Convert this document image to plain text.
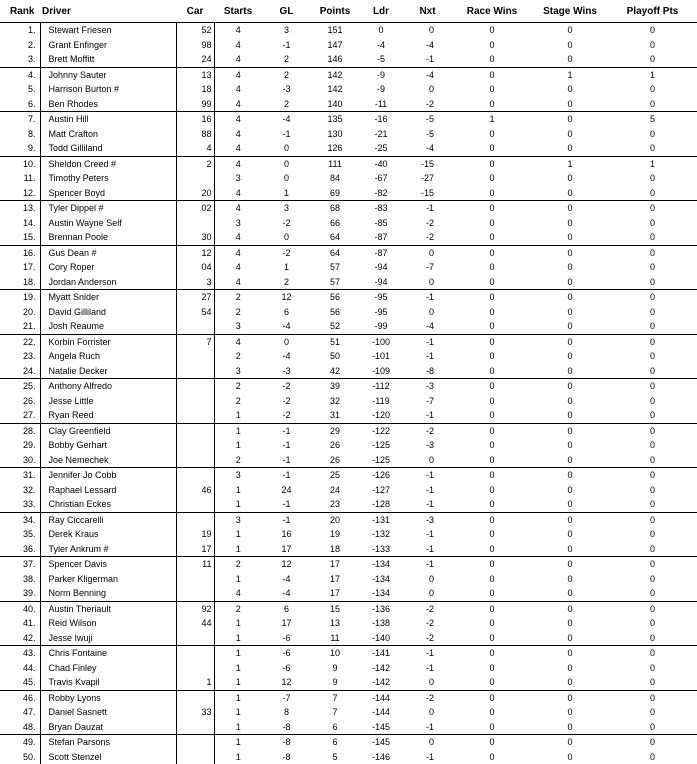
Rank	Driver	Car	Starts	GL	Points	Ldr	Nxt	Race Wins	Stage Wins	Playoff Pts
1.	Stewart Friesen	52	4	3	151	0	0	0	0	0
2.	Grant Enfinger	98	4	-1	147	-4	-4	0	0	0
3.	Brett Moffitt	24	4	2	146	-5	-1	0	0	0
4.	Johnny Sauter	13	4	2	142	-9	-4	0	1	1
5.	Harrison Burton #	18	4	-3	142	-9	0	0	0	0
6.	Ben Rhodes	99	4	2	140	-11	-2	0	0	0
7.	Austin Hill	16	4	-4	135	-16	-5	1	0	5
8.	Matt Crafton	88	4	-1	130	-21	-5	0	0	0
9.	Todd Gilliland	4	4	0	126	-25	-4	0	0	0
10.	Sheldon Creed #	2	4	0	111	-40	-15	0	1	1
11.	Timothy Peters		3	0	84	-67	-27	0	0	0
12.	Spencer Boyd	20	4	1	69	-82	-15	0	0	0
13.	Tyler Dippel #	02	4	3	68	-83	-1	0	0	0
14.	Austin Wayne Self		3	-2	66	-85	-2	0	0	0
15.	Brennan Poole	30	4	0	64	-87	-2	0	0	0
16.	Gus Dean #	12	4	-2	64	-87	0	0	0	0
17.	Cory Roper	04	4	1	57	-94	-7	0	0	0
18.	Jordan Anderson	3	4	2	57	-94	0	0	0	0
19.	Myatt Snider	27	2	12	56	-95	-1	0	0	0
20.	David Gilliland	54	2	6	56	-95	0	0	0	0
21.	Josh Reaume		3	-4	52	-99	-4	0	0	0
22.	Korbin Forrister	7	4	0	51	-100	-1	0	0	0
23.	Angela Ruch		2	-4	50	-101	-1	0	0	0
24.	Natalie Decker		3	-3	42	-109	-8	0	0	0
25.	Anthony Alfredo		2	-2	39	-112	-3	0	0	0
26.	Jesse Little		2	-2	32	-119	-7	0	0	0
27.	Ryan Reed		1	-2	31	-120	-1	0	0	0
28.	Clay Greenfield		1	-1	29	-122	-2	0	0	0
29.	Bobby Gerhart		1	-1	26	-125	-3	0	0	0
30.	Joe Nemechek		2	-1	26	-125	0	0	0	0
31.	Jennifer Jo Cobb		3	-1	25	-126	-1	0	0	0
32.	Raphael Lessard	46	1	24	24	-127	-1	0	0	0
33.	Christian Eckes		1	-1	23	-128	-1	0	0	0
34.	Ray Ciccarelli		3	-1	20	-131	-3	0	0	0
35.	Derek Kraus	19	1	16	19	-132	-1	0	0	0
36.	Tyler Ankrum #	17	1	17	18	-133	-1	0	0	0
37.	Spencer Davis	11	2	12	17	-134	-1	0	0	0
38.	Parker Kligerman		1	-4	17	-134	0	0	0	0
39.	Norm Benning		4	-4	17	-134	0	0	0	0
40.	Austin Theriault	92	2	6	15	-136	-2	0	0	0
41.	Reid Wilson	44	1	17	13	-138	-2	0	0	0
42.	Jesse Iwuji		1	-6	11	-140	-2	0	0	0
43.	Chris Fontaine		1	-6	10	-141	-1	0	0	0
44.	Chad Finley		1	-6	9	-142	-1	0	0	0
45.	Travis Kvapil	1	1	12	9	-142	0	0	0	0
46.	Robby Lyons		1	-7	7	-144	-2	0	0	0
47.	Daniel Sasnett	33	1	8	7	-144	0	0	0	0
48.	Bryan Dauzat		1	-8	6	-145	-1	0	0	0
49.	Stefan Parsons		1	-8	6	-145	0	0	0	0
50.	Scott Stenzel		1	-8	5	-146	-1	0	0	0
